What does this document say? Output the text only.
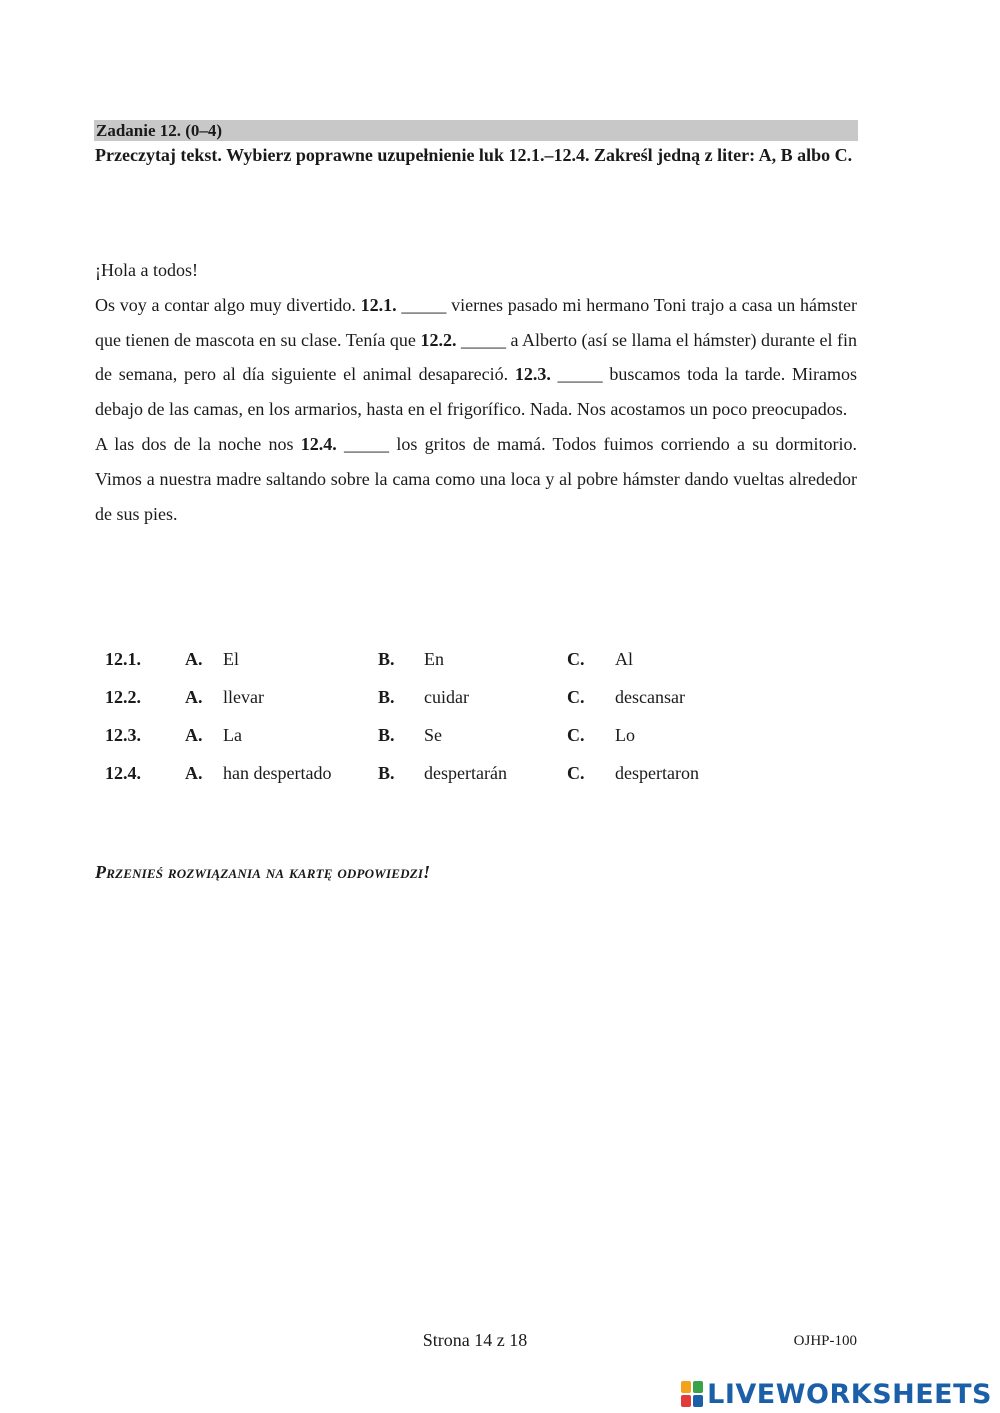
Zadanie 12. (0–4)
Przeczytaj tekst. Wybierz poprawne uzupełnienie luk 12.1.–12.4. Zakreśl jedną z liter: A, B albo C.

¡Hola a todos!

Os voy a contar algo muy divertido. 12.1. _____ viernes pasado mi hermano Toni trajo a casa un hámster que tienen de mascota en su clase. Tenía que 12.2. _____ a Alberto (así se llama el hámster) durante el fin de semana, pero al día siguiente el animal desapareció. 12.3. _____ buscamos toda la tarde. Miramos debajo de las camas, en los armarios, hasta en el frigorífico. Nada. Nos acostamos un poco preocupados.

A las dos de la noche nos 12.4. _____ los gritos de mamá. Todos fuimos corriendo a su dormitorio. Vimos a nuestra madre saltando sobre la cama como una loca y al pobre hámster dando vueltas alrededor de sus pies.

12.1.	A.	El	B.	En	C.	Al
12.2.	A.	llevar	B.	cuidar	C.	descansar
12.3.	A.	La	B.	Se	C.	Lo
12.4.	A.	han despertado	B.	despertarán	C.	despertaron
Przenieś rozwiązania na kartę odpowiedzi!
Strona 14 z 18	OJHP-100
LIVEWORKSHEETS
